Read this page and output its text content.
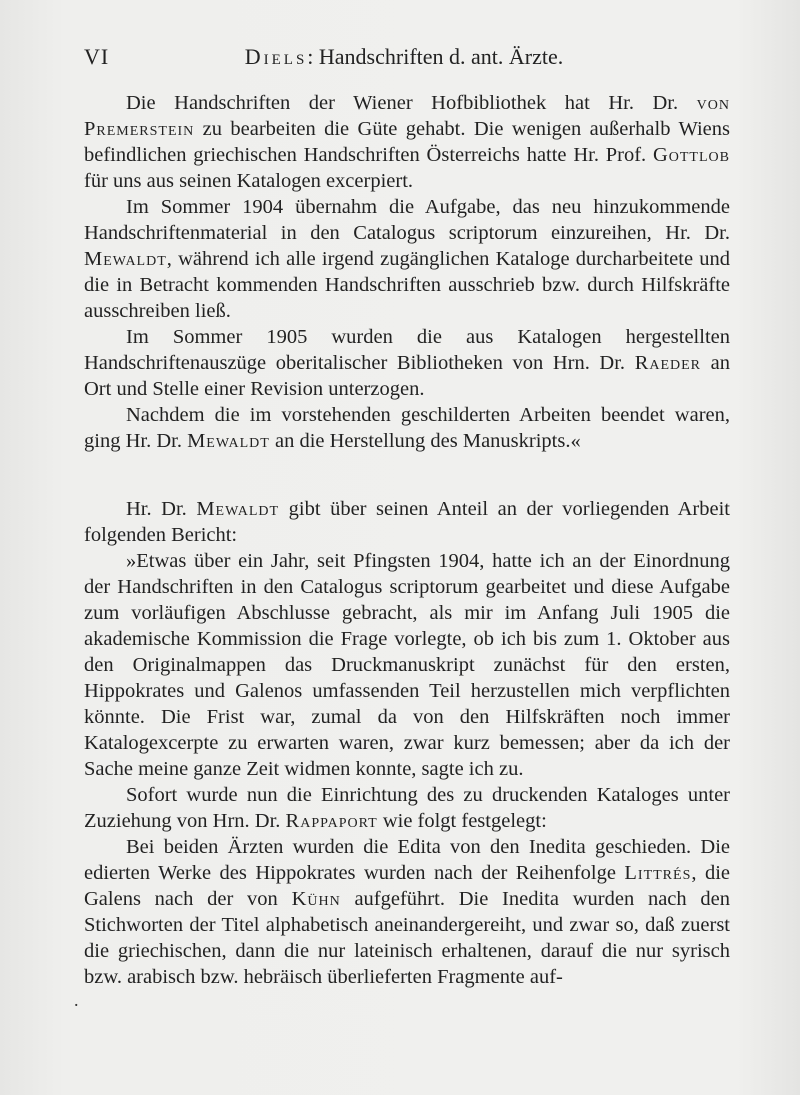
VI	Diels: Handschriften d. ant. Ärzte.

Die Handschriften der Wiener Hofbibliothek hat Hr. Dr. von Premerstein zu bearbeiten die Güte gehabt. Die wenigen außerhalb Wiens befindlichen griechischen Handschriften Österreichs hatte Hr. Prof. Gottlob für uns aus seinen Katalogen excerpiert.

Im Sommer 1904 übernahm die Aufgabe, das neu hinzukommende Handschriftenmaterial in den Catalogus scriptorum einzureihen, Hr. Dr. Mewaldt, während ich alle irgend zugänglichen Kataloge durcharbeitete und die in Betracht kommenden Handschriften ausschrieb bzw. durch Hilfskräfte ausschreiben ließ.

Im Sommer 1905 wurden die aus Katalogen hergestellten Handschriftenauszüge oberitalischer Bibliotheken von Hrn. Dr. Raeder an Ort und Stelle einer Revision unterzogen.

Nachdem die im vorstehenden geschilderten Arbeiten beendet waren, ging Hr. Dr. Mewaldt an die Herstellung des Manuskripts.«

Hr. Dr. Mewaldt gibt über seinen Anteil an der vorliegenden Arbeit folgenden Bericht:

»Etwas über ein Jahr, seit Pfingsten 1904, hatte ich an der Einordnung der Handschriften in den Catalogus scriptorum gearbeitet und diese Aufgabe zum vorläufigen Abschlusse gebracht, als mir im Anfang Juli 1905 die akademische Kommission die Frage vorlegte, ob ich bis zum 1. Oktober aus den Originalmappen das Druckmanuskript zunächst für den ersten, Hippokrates und Galenos umfassenden Teil herzustellen mich verpflichten könnte. Die Frist war, zumal da von den Hilfskräften noch immer Katalogexcerpte zu erwarten waren, zwar kurz bemessen; aber da ich der Sache meine ganze Zeit widmen konnte, sagte ich zu.

Sofort wurde nun die Einrichtung des zu druckenden Kataloges unter Zuziehung von Hrn. Dr. Rappaport wie folgt festgelegt:

Bei beiden Ärzten wurden die Edita von den Inedita geschieden. Die edierten Werke des Hippokrates wurden nach der Reihenfolge Littrés, die Galens nach der von Kühn aufgeführt. Die Inedita wurden nach den Stichworten der Titel alphabetisch aneinandergereiht, und zwar so, daß zuerst die griechischen, dann die nur lateinisch erhaltenen, darauf die nur syrisch bzw. arabisch bzw. hebräisch überlieferten Fragmente auf-

.
